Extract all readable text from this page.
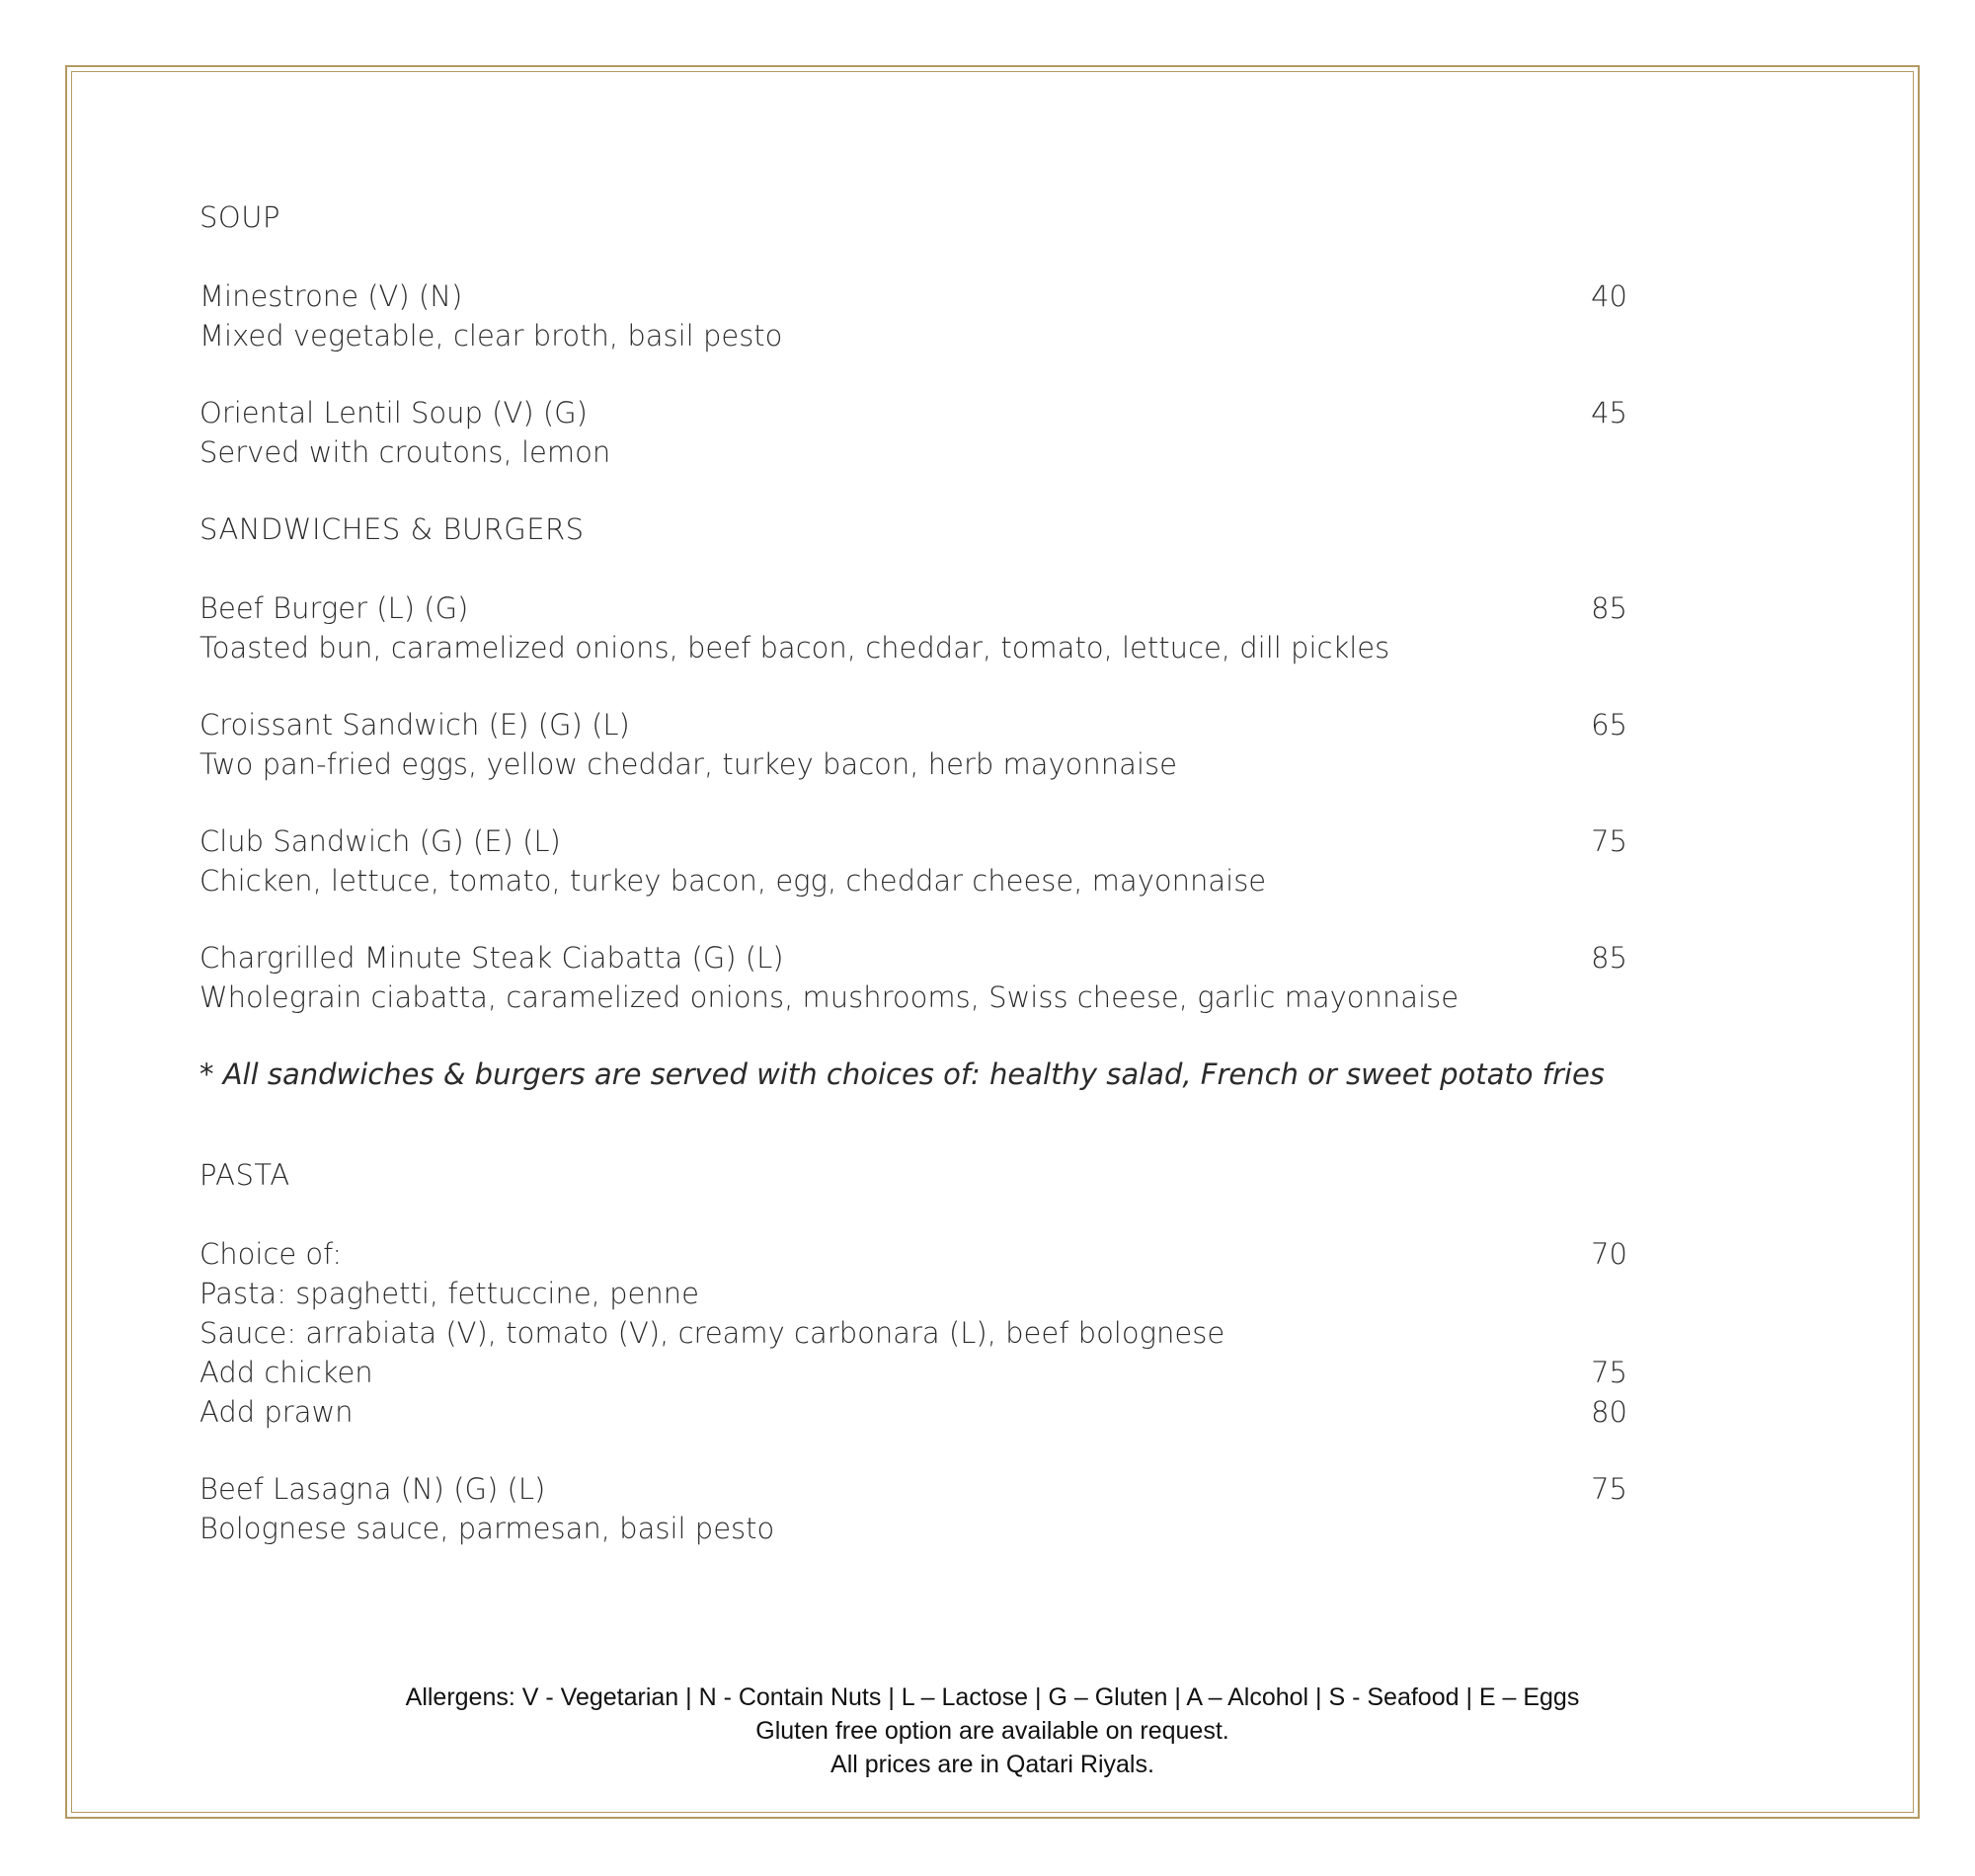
SOUP

Minestrone (V) (N)	40
Mixed vegetable, clear broth, basil pesto
Oriental Lentil Soup (V) (G)	45
Served with croutons, lemon

SANDWICHES & BURGERS

Beef Burger (L) (G)	85
Toasted bun, caramelized onions, beef bacon, cheddar, tomato, lettuce, dill pickles
Croissant Sandwich (E) (G) (L)	65
Two pan-fried eggs, yellow cheddar, turkey bacon, herb mayonnaise
Club Sandwich (G) (E) (L)	75
Chicken, lettuce, tomato, turkey bacon, egg, cheddar cheese, mayonnaise
Chargrilled Minute Steak Ciabatta (G) (L)	85
Wholegrain ciabatta, caramelized onions, mushrooms, Swiss cheese, garlic mayonnaise
* All sandwiches & burgers are served with choices of: healthy salad, French or sweet potato fries

PASTA

Choice of:	70
Pasta: spaghetti, fettuccine, penne
Sauce: arrabiata (V), tomato (V), creamy carbonara (L), beef bolognese
Add chicken	75
Add prawn	80
Beef Lasagna (N) (G) (L)	75
Bolognese sauce, parmesan, basil pesto
Allergens: V - Vegetarian | N - Contain Nuts | L – Lactose | G – Gluten | A – Alcohol | S - Seafood | E – Eggs
Gluten free option are available on request.
All prices are in Qatari Riyals.
